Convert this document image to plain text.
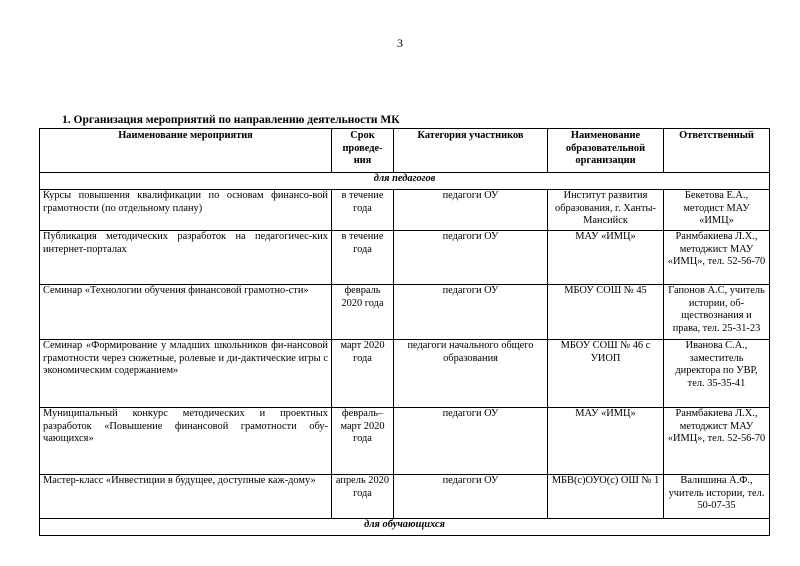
3
1. Организация мероприятий по направлению деятельности МК
Наименование мероприятия	Срок проведе-ния	Категория участников	Наименование образовательной организации	Ответственный
для педагогов				
Курсы повышения квалификации по основам финансо-вой грамотности (по отдельному плану)	в течение года	педагоги ОУ	Институт развития образования, г. Ханты-Мансийск	Бекетова Е.А., методист МАУ «ИМЦ»
Публикация методических разработок на педагогичес-ких интернет-порталах	в течение года	педагоги ОУ	МАУ «ИМЦ»	Ранмбакиева Л.Х., методжист МАУ «ИМЦ», тел. 52-56-70
Семинар «Технологии обучения финансовой грамотно-сти»	февраль 2020 года	педагоги ОУ	МБОУ СОШ № 45	Гапонов А.С, учитель истории, об-ществознания и права, тел. 25-31-23
Семинар «Формирование у младших школьников фи-нансовой грамотности через сюжетные, ролевые и ди-дактические игры с экономическим содержанием»	март 2020 года	педагоги начального общего образования	МБОУ СОШ № 46 с УИОП	Иванова С.А., заместитель директора по УВР, тел. 35-35-41
Муниципальный конкурс методических и проектных разработок «Повышение финансовой грамотности обу-чающихся»	февраль–март 2020 года	педагоги ОУ	МАУ «ИМЦ»	Ранмбакиева Л.Х., методжист МАУ «ИМЦ», тел. 52-56-70
Мастер-класс «Инвестиции в будущее, доступные каж-дому»	апрель 2020 года	педагоги ОУ	МБВ(с)ОУО(с) ОШ № 1	Валишина А.Ф., учитель истории, тел. 50-07-35
для обучающихся				
